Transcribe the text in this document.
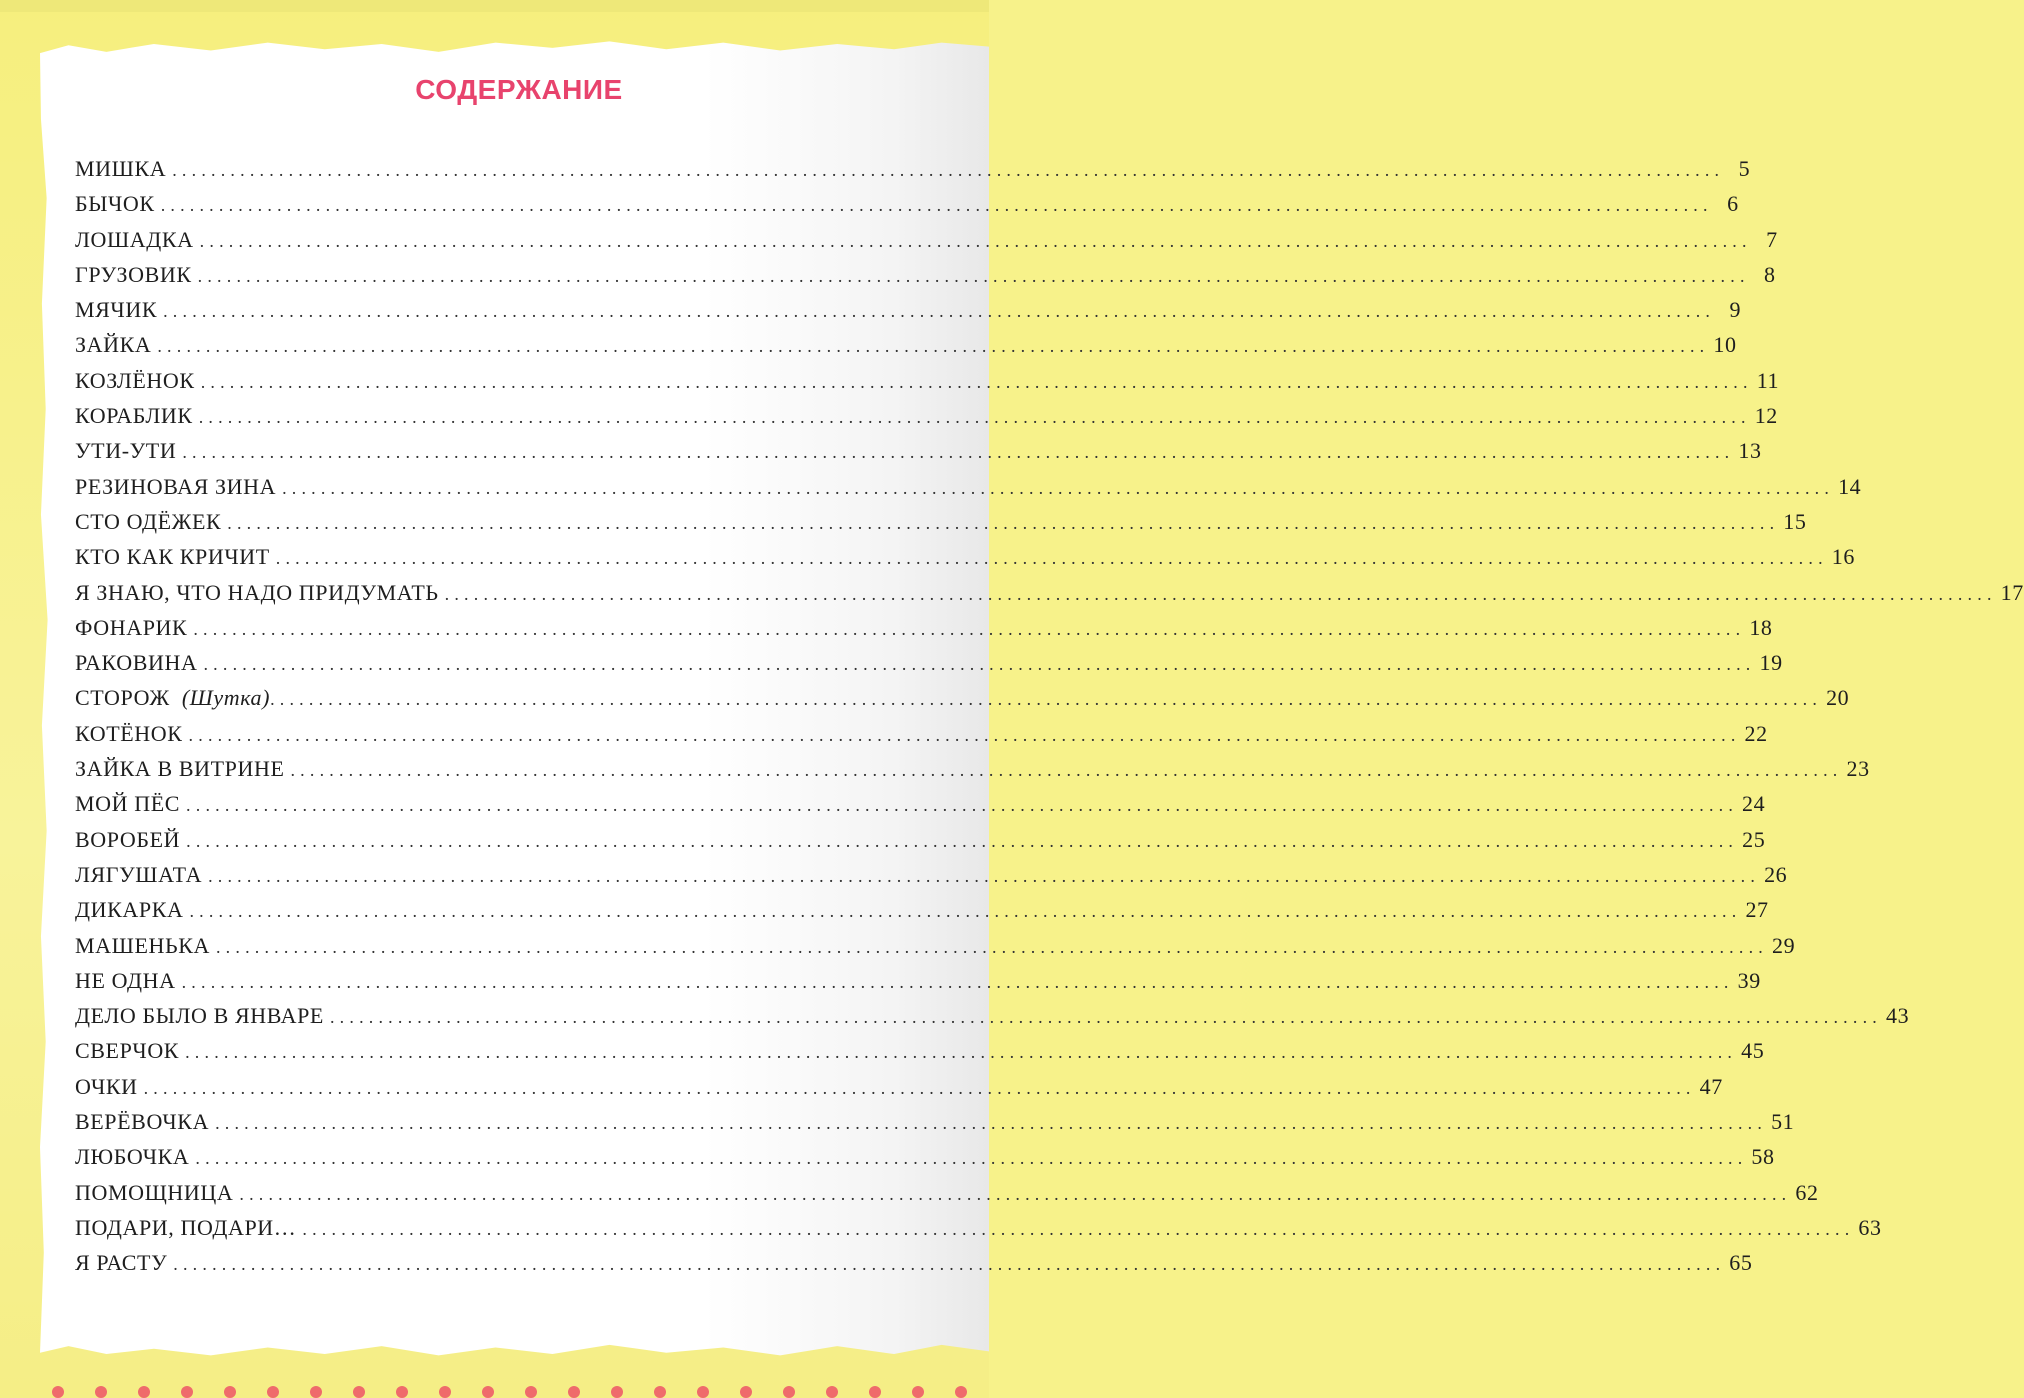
СОДЕРЖАНИЕ
МИШКА ................................................................................................................................................................ 5
БЫЧОК ................................................................................................................................................................ 6
ЛОШАДКА ................................................................................................................................................................ 7
ГРУЗОВИК ................................................................................................................................................................ 8
МЯЧИК ................................................................................................................................................................ 9
ЗАЙКА ................................................................................................................................................................ 10
КОЗЛЁНОК ................................................................................................................................................................ 11
КОРАБЛИК ................................................................................................................................................................ 12
УТИ-УТИ ................................................................................................................................................................ 13
РЕЗИНОВАЯ ЗИНА ................................................................................................................................................................ 14
СТО ОДЁЖЕК ................................................................................................................................................................ 15
КТО КАК КРИЧИТ ................................................................................................................................................................ 16
Я ЗНАЮ, ЧТО НАДО ПРИДУМАТЬ ................................................................................................................................................................ 17
ФОНАРИК ................................................................................................................................................................ 18
РАКОВИНА ................................................................................................................................................................ 19
СТОРОЖ (Шутка) ................................................................................................................................................................ 20
КОТЁНОК ................................................................................................................................................................ 22
ЗАЙКА В ВИТРИНЕ ................................................................................................................................................................ 23
МОЙ ПЁС ................................................................................................................................................................ 24
ВОРОБЕЙ ................................................................................................................................................................ 25
ЛЯГУШАТА ................................................................................................................................................................ 26
ДИКАРКА ................................................................................................................................................................ 27
МАШЕНЬКА ................................................................................................................................................................ 29
НЕ ОДНА ................................................................................................................................................................ 39
ДЕЛО БЫЛО В ЯНВАРЕ ................................................................................................................................................................ 43
СВЕРЧОК ................................................................................................................................................................ 45
ОЧКИ ................................................................................................................................................................ 47
ВЕРЁВОЧКА ................................................................................................................................................................ 51
ЛЮБОЧКА ................................................................................................................................................................ 58
ПОМОЩНИЦА ................................................................................................................................................................ 62
ПОДАРИ, ПОДАРИ… ................................................................................................................................................................ 63
Я РАСТУ ................................................................................................................................................................ 65
